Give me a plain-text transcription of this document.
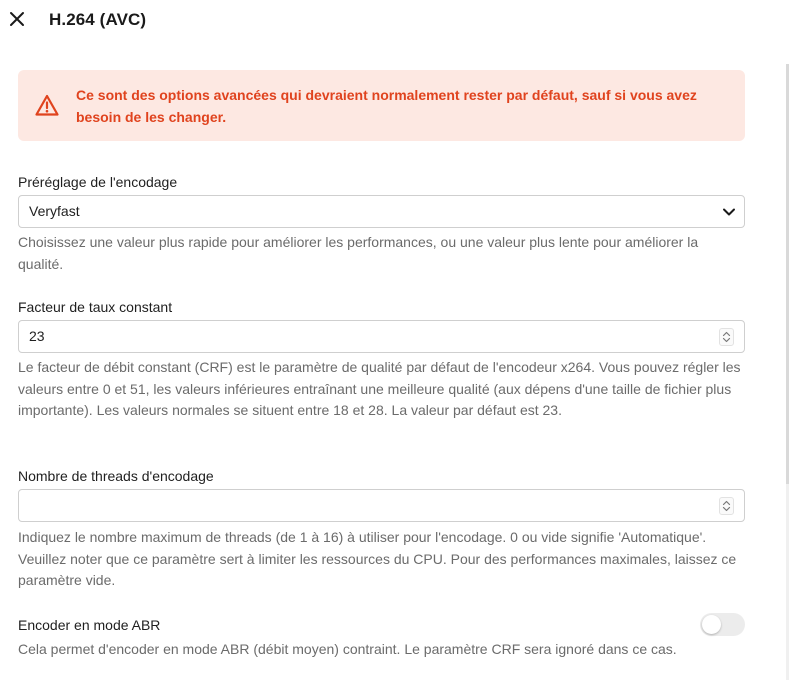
H.264 (AVC)
Ce sont des options avancées qui devraient normalement rester par défaut, sauf si vous avez besoin de les changer.
Préréglage de l'encodage
Veryfast
Choisissez une valeur plus rapide pour améliorer les performances, ou une valeur plus lente pour améliorer la qualité.
Facteur de taux constant
23
Le facteur de débit constant (CRF) est le paramètre de qualité par défaut de l'encodeur x264. Vous pouvez régler les valeurs entre 0 et 51, les valeurs inférieures entraînant une meilleure qualité (aux dépens d'une taille de fichier plus importante). Les valeurs normales se situent entre 18 et 28. La valeur par défaut est 23.
Nombre de threads d'encodage
Indiquez le nombre maximum de threads (de 1 à 16) à utiliser pour l'encodage. 0 ou vide signifie 'Automatique'. Veuillez noter que ce paramètre sert à limiter les ressources du CPU. Pour des performances maximales, laissez ce paramètre vide.
Encoder en mode ABR
Cela permet d'encoder en mode ABR (débit moyen) contraint. Le paramètre CRF sera ignoré dans ce cas.
